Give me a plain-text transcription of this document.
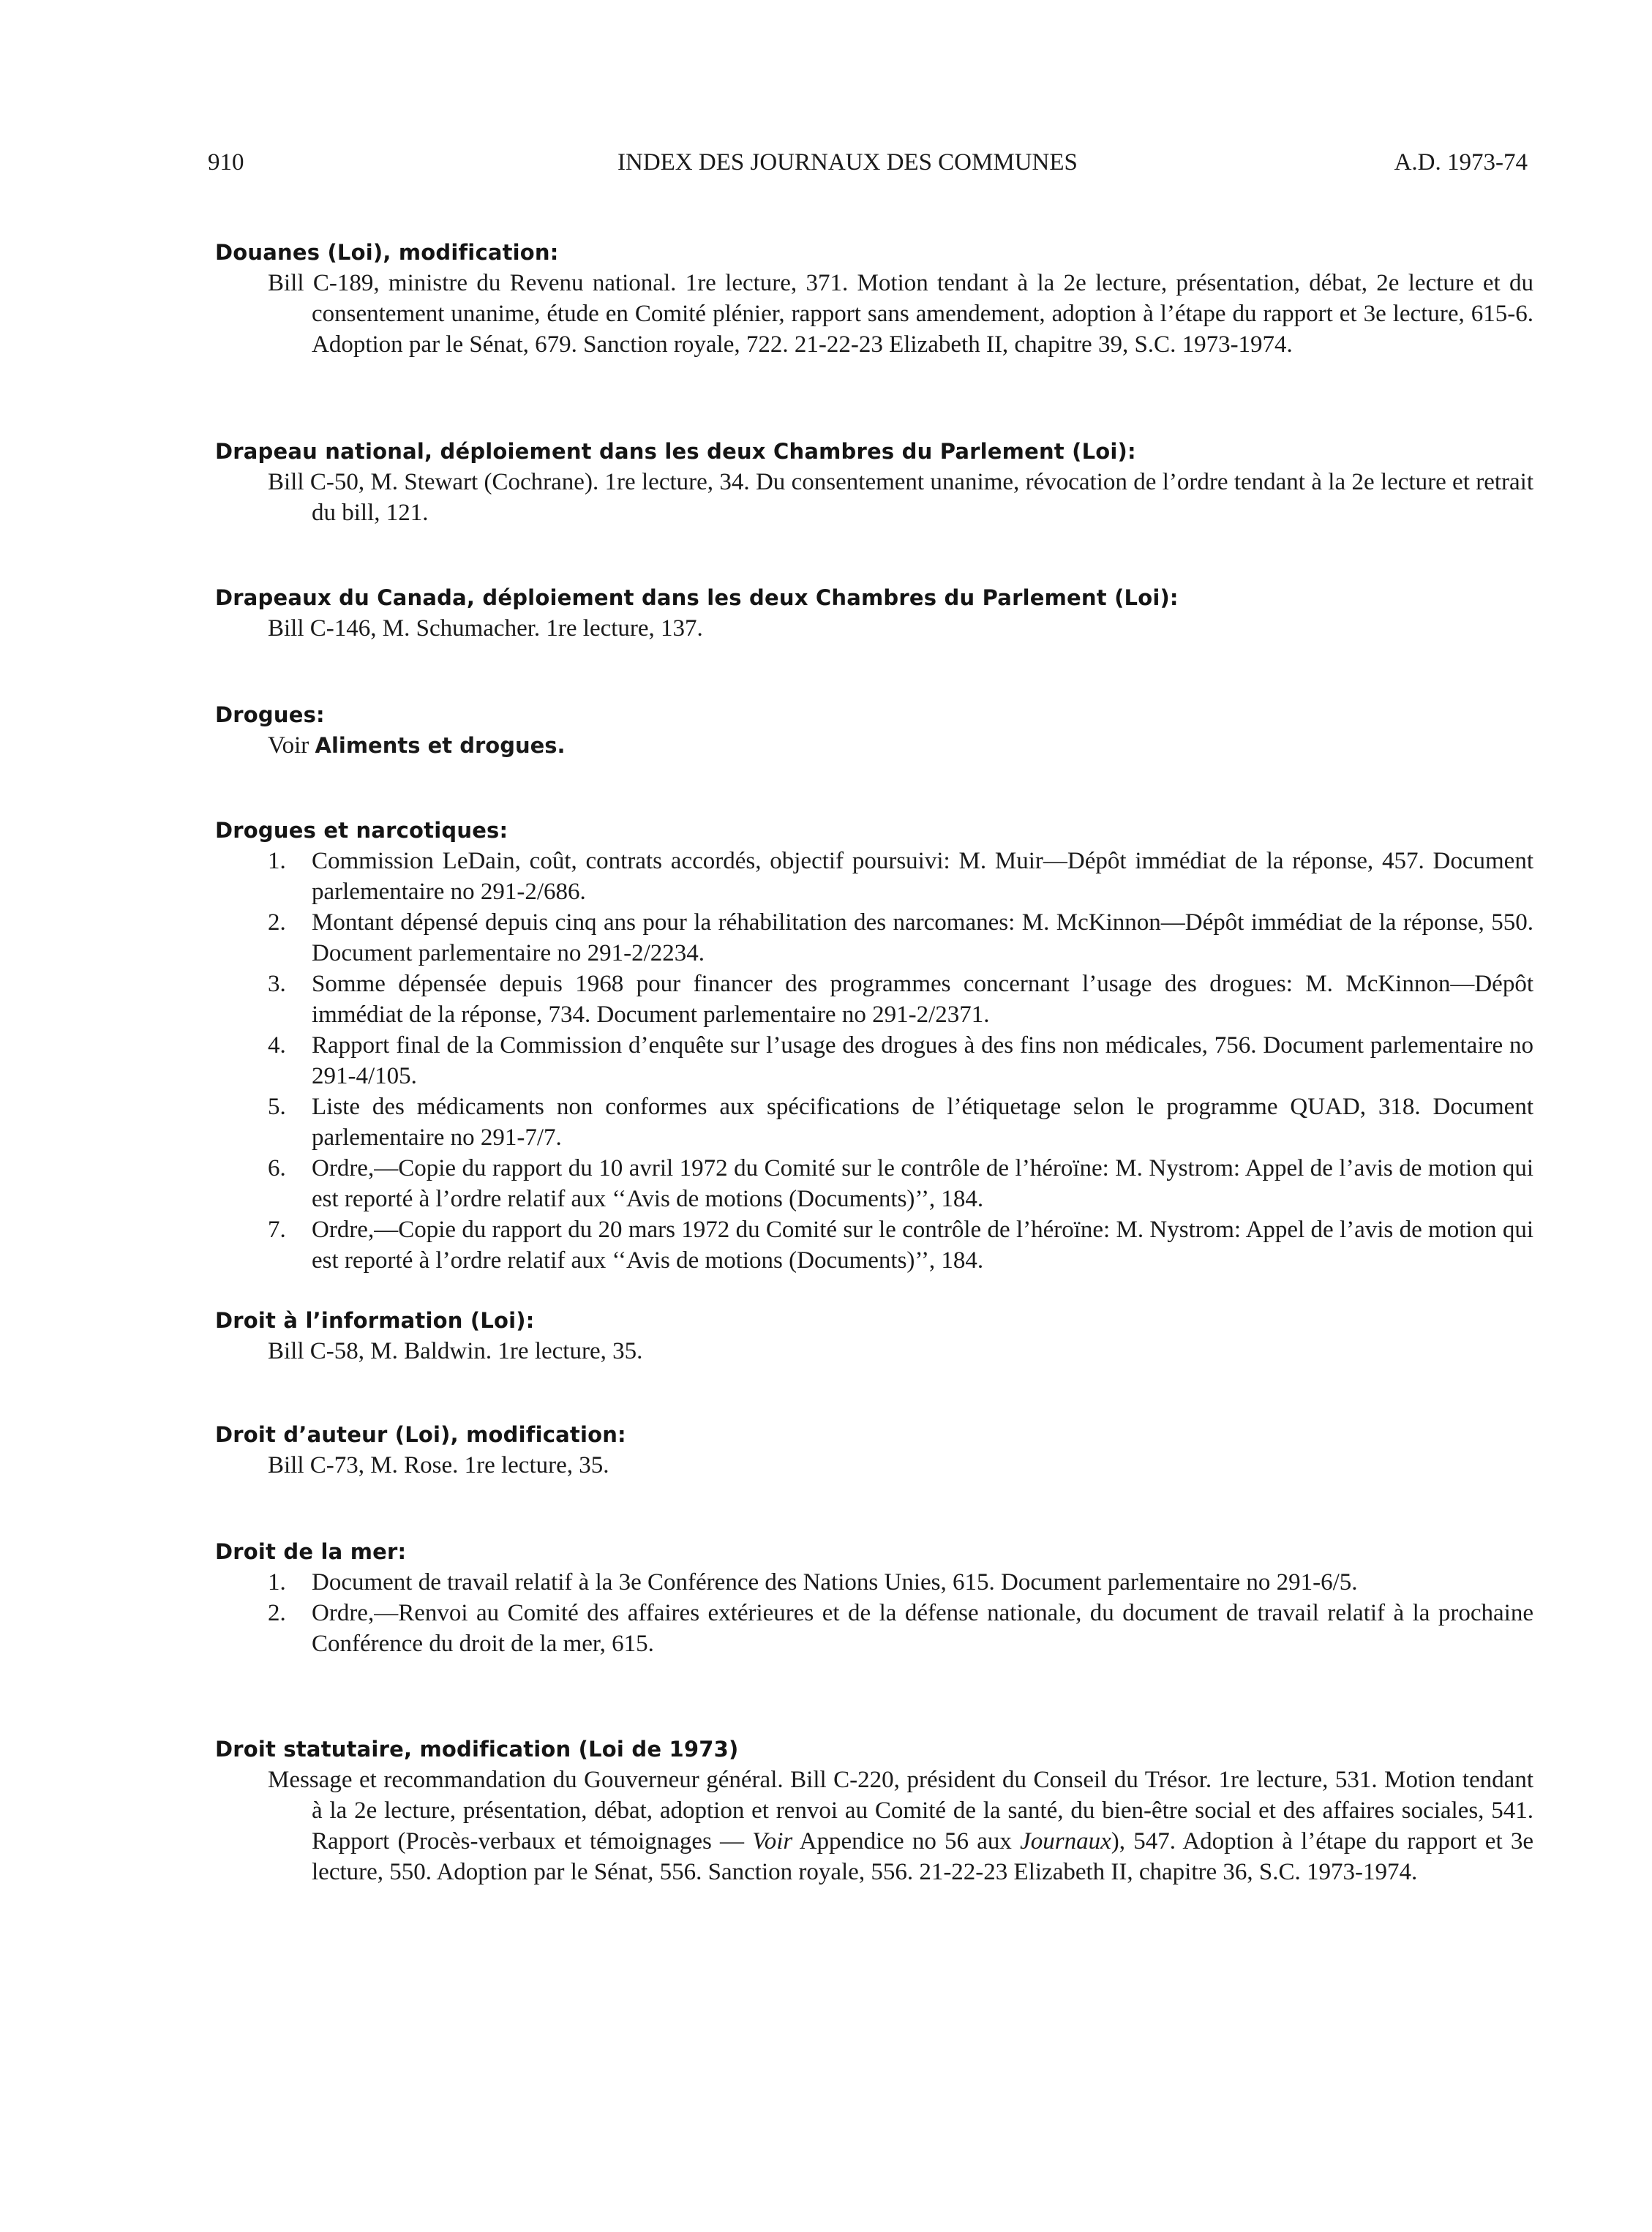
910	INDEX DES JOURNAUX DES COMMUNES	A.D. 1973-74
Douanes (Loi), modification:

Bill C-189, ministre du Revenu national. 1re lecture, 371. Motion tendant à la 2e lecture, présentation, débat, 2e lecture et du consentement unanime, étude en Comité plénier, rapport sans amendement, adoption à l’étape du rapport et 3e lecture, 615-6. Adoption par le Sénat, 679. Sanction royale, 722. 21-22-23 Elizabeth II, chapitre 39, S.C. 1973-1974.

Drapeau national, déploiement dans les deux Chambres du Parlement (Loi):

Bill C-50, M. Stewart (Cochrane). 1re lecture, 34. Du consentement unanime, révocation de l’ordre tendant à la 2e lecture et retrait du bill, 121.

Drapeaux du Canada, déploiement dans les deux Chambres du Parlement (Loi):

Bill C-146, M. Schumacher. 1re lecture, 137.

Drogues:

Voir Aliments et drogues.

Drogues et narcotiques:
1. Commission LeDain, coût, contrats accordés, objectif poursuivi: M. Muir—Dépôt immédiat de la réponse, 457. Document parlementaire no 291-2/686.
2. Montant dépensé depuis cinq ans pour la réhabilitation des narcomanes: M. McKinnon—Dépôt immédiat de la réponse, 550. Document parlementaire no 291-2/2234.
3. Somme dépensée depuis 1968 pour financer des programmes concernant l’usage des drogues: M. McKinnon—Dépôt immédiat de la réponse, 734. Document parlementaire no 291-2/2371.
4. Rapport final de la Commission d’enquête sur l’usage des drogues à des fins non médicales, 756. Document parlementaire no 291-4/105.
5. Liste des médicaments non conformes aux spécifications de l’étiquetage selon le programme QUAD, 318. Document parlementaire no 291-7/7.
6. Ordre,—Copie du rapport du 10 avril 1972 du Comité sur le contrôle de l’héroïne: M. Nystrom: Appel de l’avis de motion qui est reporté à l’ordre relatif aux ‘‘Avis de motions (Documents)’’, 184.
7. Ordre,—Copie du rapport du 20 mars 1972 du Comité sur le contrôle de l’héroïne: M. Nystrom: Appel de l’avis de motion qui est reporté à l’ordre relatif aux ‘‘Avis de motions (Documents)’’, 184.
Droit à l’information (Loi):

Bill C-58, M. Baldwin. 1re lecture, 35.

Droit d’auteur (Loi), modification:

Bill C-73, M. Rose. 1re lecture, 35.

Droit de la mer:
1. Document de travail relatif à la 3e Conférence des Nations Unies, 615. Document parlementaire no 291-6/5.
2. Ordre,—Renvoi au Comité des affaires extérieures et de la défense nationale, du document de travail relatif à la prochaine Conférence du droit de la mer, 615.
Droit statutaire, modification (Loi de 1973)

Message et recommandation du Gouverneur général. Bill C-220, président du Conseil du Trésor. 1re lecture, 531. Motion tendant à la 2e lecture, présentation, débat, adoption et renvoi au Comité de la santé, du bien-être social et des affaires sociales, 541. Rapport (Procès-verbaux et témoignages — Voir Appendice no 56 aux Journaux), 547. Adoption à l’étape du rapport et 3e lecture, 550. Adoption par le Sénat, 556. Sanction royale, 556. 21-22-23 Elizabeth II, chapitre 36, S.C. 1973-1974.
